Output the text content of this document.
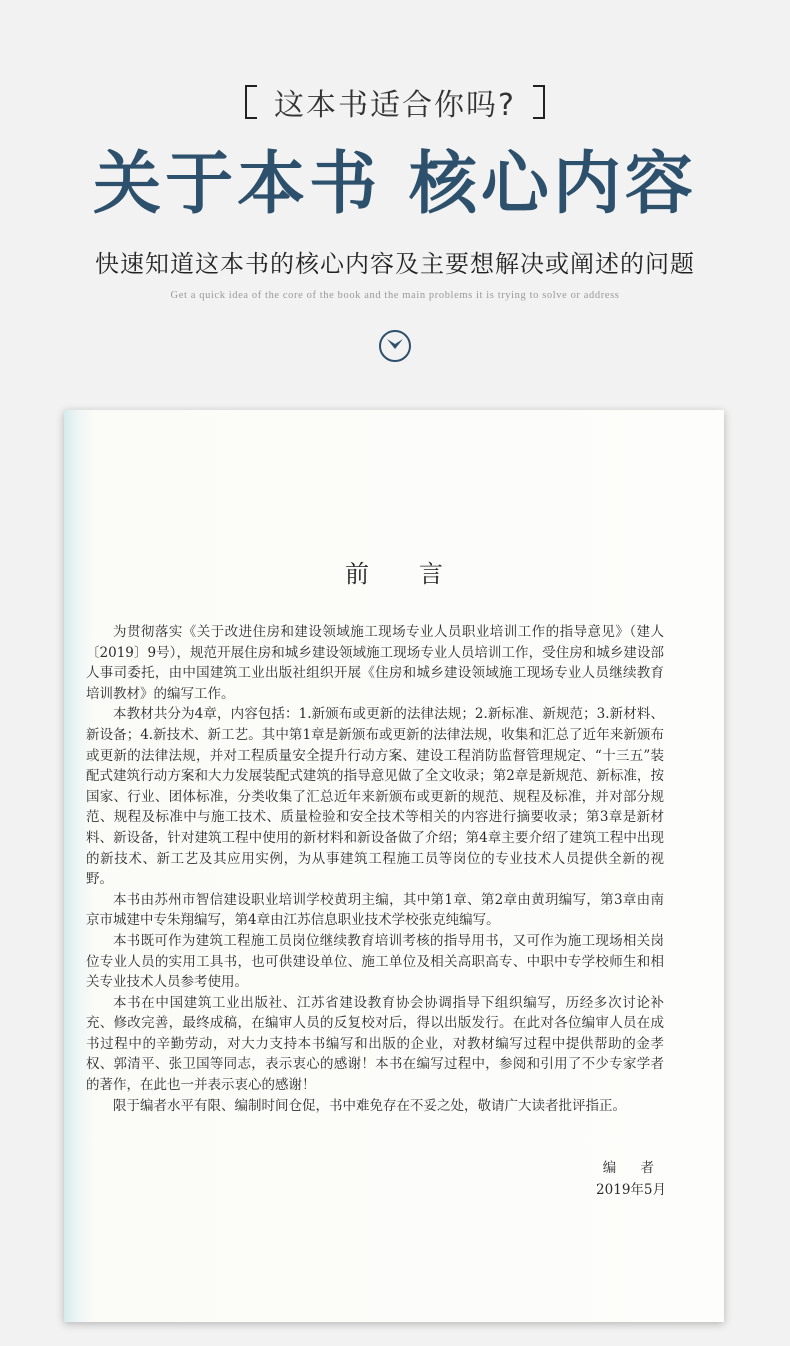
这本书适合你吗?
关于本书 核心内容
快速知道这本书的核心内容及主要想解决或阐述的问题
Get a quick idea of the core of the book and the main problems it is trying to solve or address
前言

为贯彻落实《关于改进住房和建设领域施工现场专业人员职业培训工作的指导意见》（建人〔2019〕9号），规范开展住房和城乡建设领域施工现场专业人员培训工作，受住房和城乡建设部人事司委托，由中国建筑工业出版社组织开展《住房和城乡建设领域施工现场专业人员继续教育培训教材》的编写工作。

本教材共分为4章，内容包括：1.新颁布或更新的法律法规；2.新标准、新规范；3.新材料、新设备；4.新技术、新工艺。其中第1章是新颁布或更新的法律法规，收集和汇总了近年来新颁布或更新的法律法规，并对工程质量安全提升行动方案、建设工程消防监督管理规定、“十三五”装配式建筑行动方案和大力发展装配式建筑的指导意见做了全文收录；第2章是新规范、新标准，按国家、行业、团体标准，分类收集了汇总近年来新颁布或更新的规范、规程及标准，并对部分规范、规程及标准中与施工技术、质量检验和安全技术等相关的内容进行摘要收录；第3章是新材料、新设备，针对建筑工程中使用的新材料和新设备做了介绍；第4章主要介绍了建筑工程中出现的新技术、新工艺及其应用实例，为从事建筑工程施工员等岗位的专业技术人员提供全新的视野。

本书由苏州市智信建设职业培训学校黄玥主编，其中第1章、第2章由黄玥编写，第3章由南京市城建中专朱翔编写，第4章由江苏信息职业技术学校张克纯编写。

本书既可作为建筑工程施工员岗位继续教育培训考核的指导用书，又可作为施工现场相关岗位专业人员的实用工具书，也可供建设单位、施工单位及相关高职高专、中职中专学校师生和相关专业技术人员参考使用。

本书在中国建筑工业出版社、江苏省建设教育协会协调指导下组织编写，历经多次讨论补充、修改完善，最终成稿，在编审人员的反复校对后，得以出版发行。在此对各位编审人员在成书过程中的辛勤劳动，对大力支持本书编写和出版的企业，对教材编写过程中提供帮助的金孝权、郭清平、张卫国等同志，表示衷心的感谢！本书在编写过程中，参阅和引用了不少专家学者的著作，在此也一并表示衷心的感谢！

限于编者水平有限、编制时间仓促，书中难免存在不妥之处，敬请广大读者批评指正。

编 者
2019年5月
